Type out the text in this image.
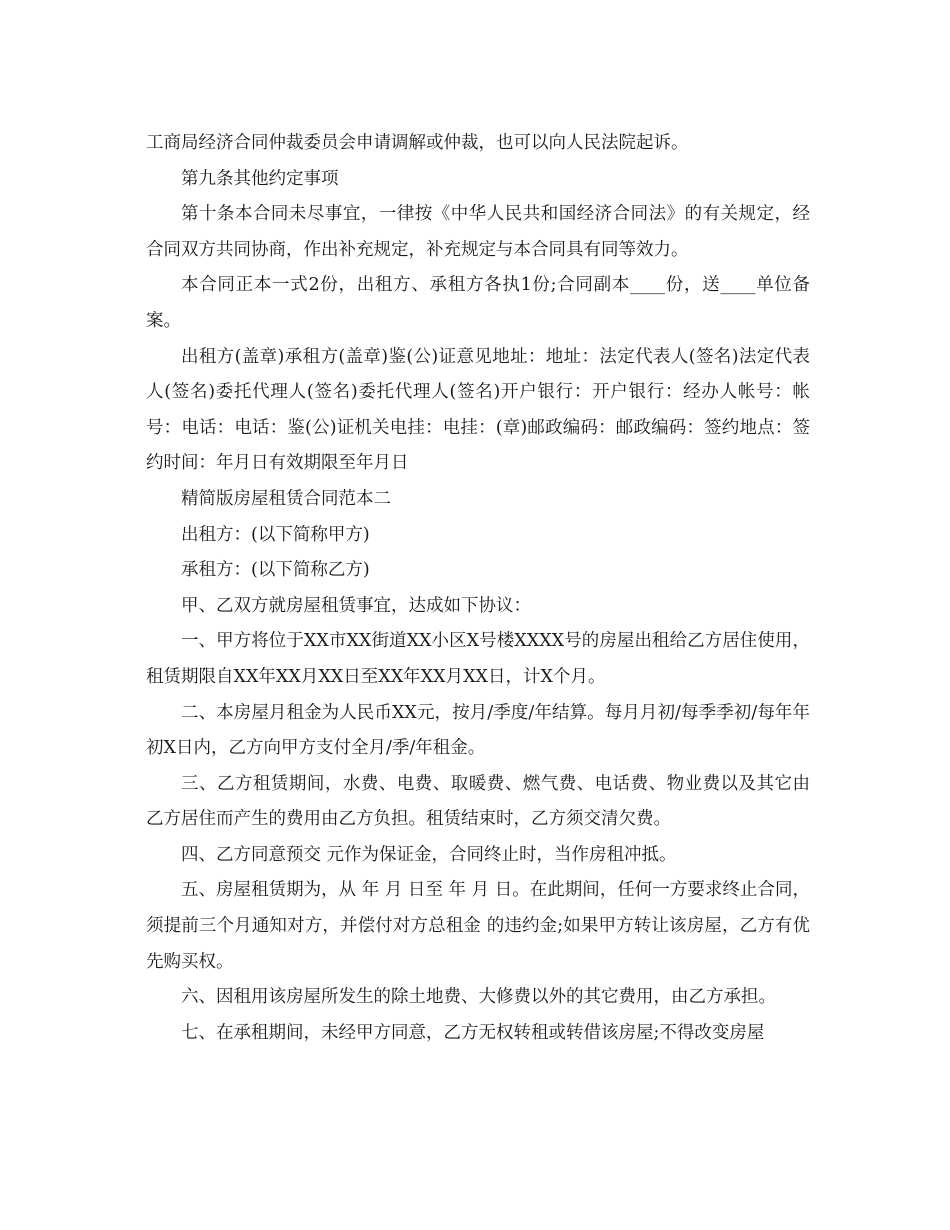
工商局经济合同仲裁委员会申请调解或仲裁，也可以向人民法院起诉。

第九条其他约定事项

第十条本合同未尽事宜，一律按《中华人民共和国经济合同法》的有关规定，经合同双方共同协商，作出补充规定，补充规定与本合同具有同等效力。

本合同正本一式2份，出租方、承租方各执1份;合同副本____份，送____单位备案。

出租方(盖章)承租方(盖章)鉴(公)证意见地址：地址：法定代表人(签名)法定代表人(签名)委托代理人(签名)委托代理人(签名)开户银行：开户银行：经办人帐号：帐号：电话：电话：鉴(公)证机关电挂：电挂：(章)邮政编码：邮政编码：签约地点：签约时间：年月日有效期限至年月日

精简版房屋租赁合同范本二

出租方：(以下简称甲方)

承租方：(以下简称乙方)

甲、乙双方就房屋租赁事宜，达成如下协议：

一、甲方将位于XX市XX街道XX小区X号楼XXXX号的房屋出租给乙方居住使用，租赁期限自XX年XX月XX日至XX年XX月XX日，计X个月。

二、本房屋月租金为人民币XX元，按月/季度/年结算。每月月初/每季季初/每年年初X日内，乙方向甲方支付全月/季/年租金。

三、乙方租赁期间，水费、电费、取暖费、燃气费、电话费、物业费以及其它由乙方居住而产生的费用由乙方负担。租赁结束时，乙方须交清欠费。

四、乙方同意预交 元作为保证金，合同终止时，当作房租冲抵。

五、房屋租赁期为，从 年 月 日至 年 月 日。在此期间，任何一方要求终止合同，须提前三个月通知对方，并偿付对方总租金 的违约金;如果甲方转让该房屋，乙方有优先购买权。

六、因租用该房屋所发生的除土地费、大修费以外的其它费用，由乙方承担。

七、在承租期间，未经甲方同意，乙方无权转租或转借该房屋;不得改变房屋
